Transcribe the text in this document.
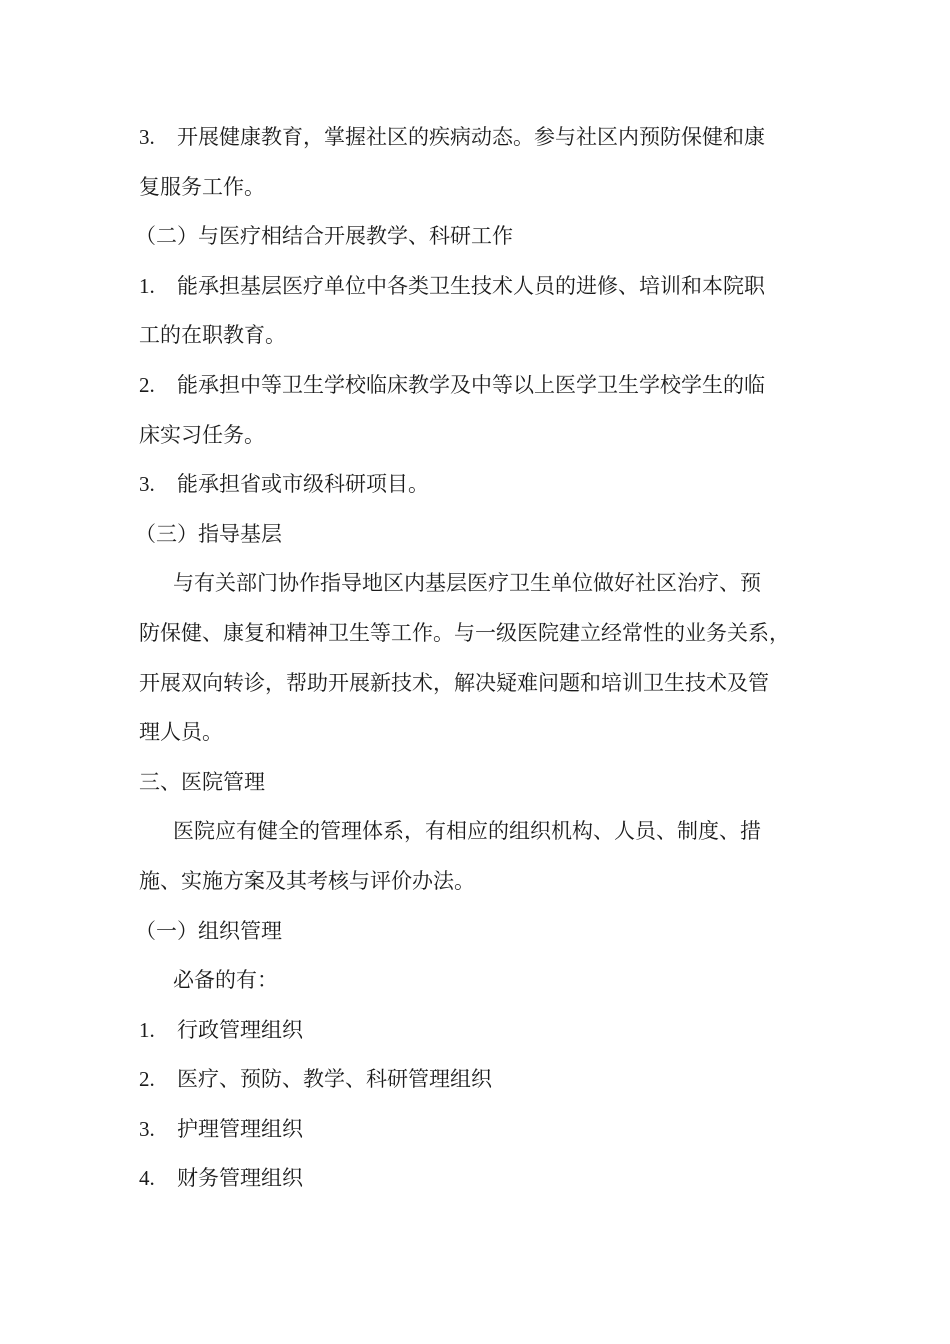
3. 开展健康教育，掌握社区的疾病动态。参与社区内预防保健和康
复服务工作。
（二）与医疗相结合开展教学、科研工作
1. 能承担基层医疗单位中各类卫生技术人员的进修、培训和本院职
工的在职教育。
2. 能承担中等卫生学校临床教学及中等以上医学卫生学校学生的临
床实习任务。
3. 能承担省或市级科研项目。
（三）指导基层
与有关部门协作指导地区内基层医疗卫生单位做好社区治疗、预
防保健、康复和精神卫生等工作。与一级医院建立经常性的业务关系，
开展双向转诊，帮助开展新技术，解决疑难问题和培训卫生技术及管
理人员。
三、医院管理
医院应有健全的管理体系，有相应的组织机构、人员、制度、措
施、实施方案及其考核与评价办法。
（一）组织管理
必备的有：
1. 行政管理组织
2. 医疗、预防、教学、科研管理组织
3. 护理管理组织
4. 财务管理组织
